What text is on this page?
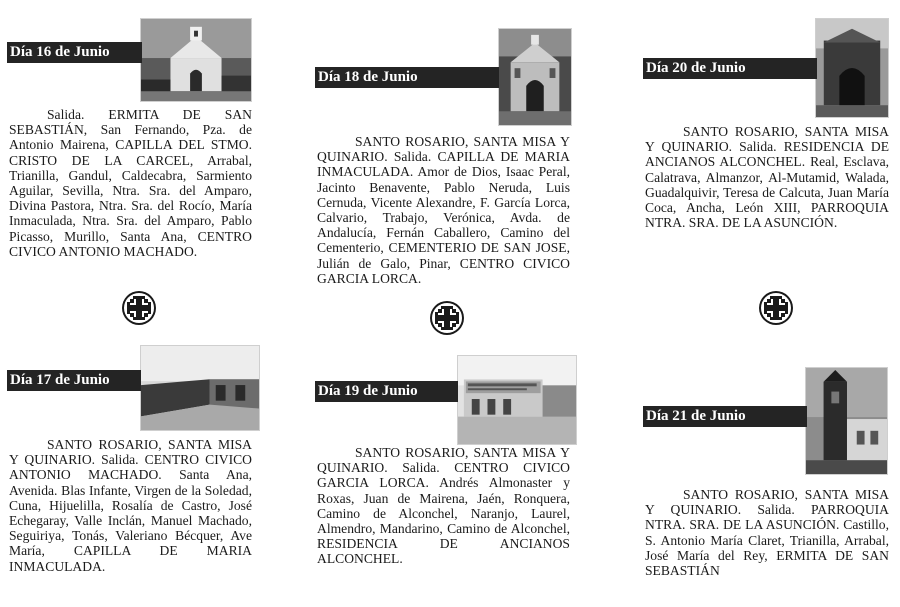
Día 16 de Junio

Salida. ERMITA DE SAN SEBASTIÁN, San Fernando, Pza. de Antonio Mairena, CAPILLA DEL STMO. CRISTO DE LA CARCEL, Arrabal, Trianilla, Gandul, Caldecabra, Sarmiento Aguilar, Sevilla, Ntra. Sra. del Amparo, Divina Pastora, Ntra. Sra. del Rocío, María Inmaculada, Ntra. Sra. del Amparo, Pablo Picasso, Murillo, Santa Ana, CENTRO CIVICO ANTONIO MACHADO.

Día 18 de Junio

SANTO ROSARIO, SANTA MISA Y QUINARIO. Salida. CAPILLA DE MARIA INMACULADA. Amor de Dios, Isaac Peral, Jacinto Benavente, Pablo Neruda, Luis Cernuda, Vicente Alexandre, F. García Lorca, Calvario, Trabajo, Verónica, Avda. de Andalucía, Fernán Caballero, Camino del Cementerio, CEMENTERIO DE SAN JOSE, Julián de Galo, Pinar, CENTRO CIVICO GARCIA LORCA.

Día 20 de Junio

SANTO ROSARIO, SANTA MISA Y QUINARIO. Salida. RESIDENCIA DE ANCIANOS ALCONCHEL. Real, Esclava, Calatrava, Almanzor, Al-Mutamid, Walada, Guadalquivir, Teresa de Calcuta, Juan María Coca, Ancha, León XIII, PARROQUIA NTRA. SRA. DE LA ASUNCIÓN.

Día 17 de Junio

SANTO ROSARIO, SANTA MISA Y QUINARIO. Salida. CENTRO CIVICO ANTONIO MACHADO. Santa Ana, Avenida. Blas Infante, Virgen de la Soledad, Cuna, Hijuelilla, Rosalía de Castro, José Echegaray, Valle Inclán, Manuel Machado, Seguiriya, Tonás, Valeriano Bécquer, Ave María, CAPILLA DE MARIA INMACULADA.

Día 19 de Junio

SANTO ROSARIO, SANTA MISA Y QUINARIO. Salida. CENTRO CIVICO GARCIA LORCA. Andrés Almonaster y Roxas, Juan de Mairena, Jaén, Ronquera, Camino de Alconchel, Naranjo, Laurel, Almendro, Mandarino, Camino de Alconchel, RESIDENCIA DE ANCIANOS ALCONCHEL.

Día 21 de Junio

SANTO ROSARIO, SANTA MISA Y QUINARIO. Salida. PARROQUIA NTRA. SRA. DE LA ASUNCIÓN. Castillo, S. Antonio María Claret, Trianilla, Arrabal, José María del Rey, ERMITA DE SAN SEBASTIÁN
